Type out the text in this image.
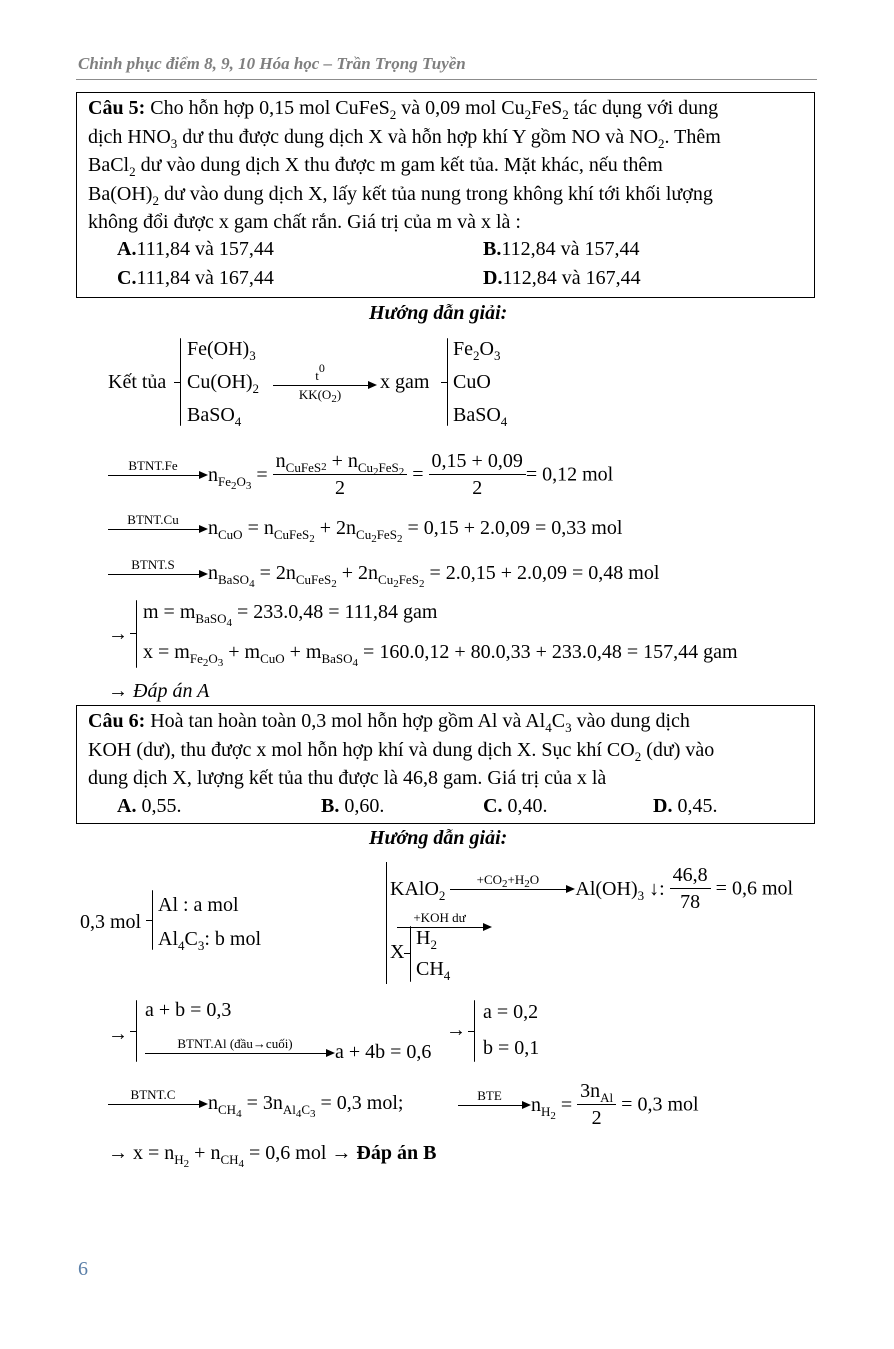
Chinh phục điểm 8, 9, 10 Hóa học – Trần Trọng Tuyền
Câu 5: Cho hỗn hợp 0,15 mol CuFeS$_2$ và 0,09 mol $Cu_2FeS_2$ tác dụng với dung
dịch $HNO_3$ dư thu được dung dịch X và hỗn hợp khí Y gồm NO và $NO_2$. Thêm
BaCl$_2$ dư vào dung dịch X thu được m gam kết tủa. Mặt khác, nếu thêm
$Ba(OH)_2$ dư vào dung dịch X, lấy kết tủa nung trong không khí tới khối lượng
không đổi được x gam chất rắn. Giá trị của m và x là :
A.111,84 và 157,44	B.112,84 và 157,44
C.111,84 và 167,44	D.112,84 và 167,44
Hướng dẫn giải:
Kết tủa
$Fe(OH)_3$
$Cu(OH)_2$
BaSO$_4$
t0
$KK(O_2)$

x gam
$Fe_2O_3$
CuO
BaSO$_4$
BTNT.Fe	$n_{Fe_2O_3} = \frac{n_{CuFeS}2 + n_{Cu_2FeS_2}}{2} = \frac{0,15 + 0,09}{2} = 0,12$ mol
BTNT.Cu	$n_{CuO} = n_{CuFeS_2} + 2n_{Cu_2FeS_2} = 0,15 + 2.0,09 = 0,33$ mol
BTNT.S	$n_{BaSO_4} = 2n_{CuFeS_2} + 2n_{Cu_2FeS_2} = 2.0,15 + 2.0,09 = 0,48$ mol
→
$m = m_{BaSO_4} = 233.0,48 = 111,84$ gam
$x = m_{Fe_2O_3} + m_{CuO} + m_{BaSO_4} = 160.0,12 + 80.0,33 + 233.0,48 = 157,44$ gam
→ Đáp án A
Câu 6: Hoà tan hoàn toàn 0,3 mol hỗn hợp gồm Al và $Al_4C_3$ vào dung dịch
KOH (dư), thu được x mol hỗn hợp khí và dung dịch X. Sục khí $CO_2$ (dư) vào
dung dịch X, lượng kết tủa thu được là 46,8 gam. Giá trị của x là
A. 0,55.	B. 0,60.	C. 0,40.	D. 0,45.
Hướng dẫn giải:
0,3 mol
Al : a mol
$Al_4C_3$: b mol
+KOH dư
KAlO$_2$
$+CO_2+H_2O$	$Al(OH)_3$ ↓: $\frac{46,8}{78} = 0,6$ mol
X
$H_2$
$CH_4$
→
a + b = 0,3
BTNT.Al (đầu→cuối)	a + 4b = 0,6
→
a = 0,2
b = 0,1
BTNT.C	$n_{CH_4} = 3n_{Al_4C_3} = 0,3$ mol;	BTE	$n_{H_2} = \frac{3n_{Al}}{2} = 0,3$ mol
→ $x = n_{H_2} + n_{CH_4} = 0,6$ mol → Đáp án B
6
